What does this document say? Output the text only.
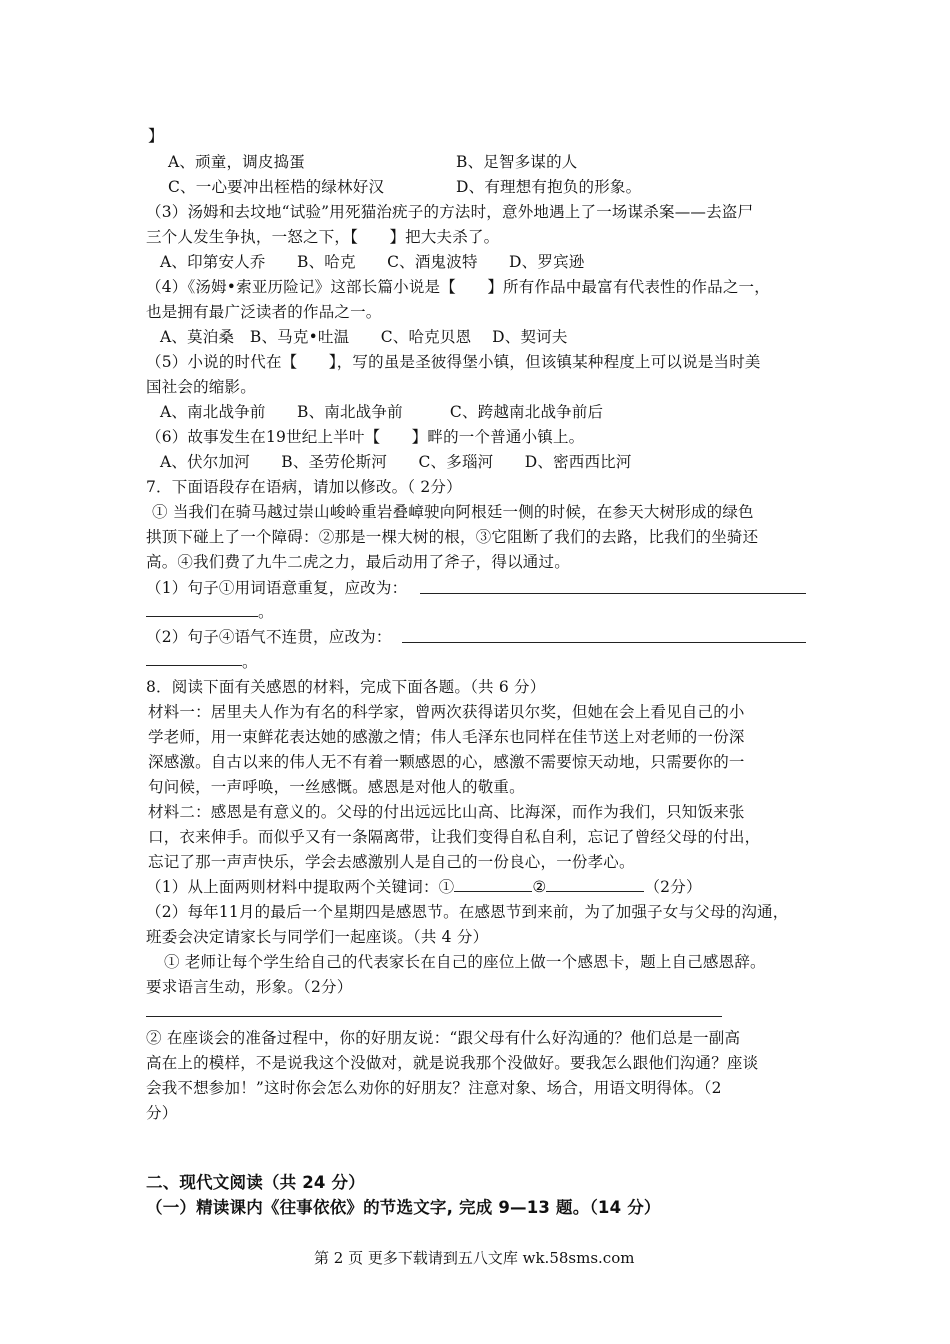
】
A、顽童，调皮捣蛋	B、足智多谋的人
C、一心要冲出桎梏的绿林好汉	D、有理想有抱负的形象。
（3）汤姆和去坟地“试验”用死猫治疣子的方法时，意外地遇上了一场谋杀案——去盗尸
三个人发生争执，一怒之下，【　　】把大夫杀了。
A、印第安人乔　　B、哈克　　C、酒鬼波特　　D、罗宾逊
（4）《汤姆•索亚历险记》这部长篇小说是【　　】所有作品中最富有代表性的作品之一，
也是拥有最广泛读者的作品之一。
A、莫泊桑　B、马克•吐温　　C、哈克贝恩　 D、契诃夫
（5）小说的时代在【　　】，写的虽是圣彼得堡小镇，但该镇某种程度上可以说是当时美
国社会的缩影。
A、南北战争前　　B、南北战争前　　　C、跨越南北战争前后
（6）故事发生在19世纪上半叶【　　】畔的一个普通小镇上。
A、伏尔加河　　B、圣劳伦斯河　　C、多瑙河　　D、密西西比河
7．下面语段存在语病，请加以修改。（ 2分）
① 当我们在骑马越过崇山峻岭重岩叠嶂驶向阿根廷一侧的时候，在参天大树形成的绿色
拱顶下碰上了一个障碍：②那是一棵大树的根，③它阻断了我们的去路，比我们的坐骑还
高。④我们费了九牛二虎之力，最后动用了斧子，得以通过。
（1）句子①用词语意重复，应改为：
。
（2）句子④语气不连贯，应改为：
。
8．阅读下面有关感恩的材料，完成下面各题。（共 6 分）
材料一：居里夫人作为有名的科学家，曾两次获得诺贝尔奖，但她在会上看见自己的小
学老师，用一束鲜花表达她的感激之情；伟人毛泽东也同样在佳节送上对老师的一份深
深感激。自古以来的伟人无不有着一颗感恩的心，感激不需要惊天动地，只需要你的一
句问候，一声呼唤，一丝感慨。感恩是对他人的敬重。
材料二：感恩是有意义的。父母的付出远远比山高、比海深，而作为我们，只知饭来张
口，衣来伸手。而似乎又有一条隔离带，让我们变得自私自利，忘记了曾经父母的付出，
忘记了那一声声快乐，学会去感激别人是自己的一份良心，一份孝心。
（1）从上面两则材料中提取两个关键词：①	②	（2分）
（2）每年11月的最后一个星期四是感恩节。在感恩节到来前，为了加强子女与父母的沟通，
班委会决定请家长与同学们一起座谈。（共 4 分）
① 老师让每个学生给自己的代表家长在自己的座位上做一个感恩卡，题上自己感恩辞。
要求语言生动，形象。（2分）
② 在座谈会的准备过程中，你的好朋友说：“跟父母有什么好沟通的？他们总是一副高
高在上的模样，不是说我这个没做对，就是说我那个没做好。要我怎么跟他们沟通？座谈
会我不想参加！”这时你会怎么劝你的好朋友？注意对象、场合，用语文明得体。（2
分）
二、现代文阅读（共 24 分）
（一）精读课内《往事依依》的节选文字, 完成 9—13 题。（14 分）
第 2 页 更多下载请到五八文库 wk.58sms.com
